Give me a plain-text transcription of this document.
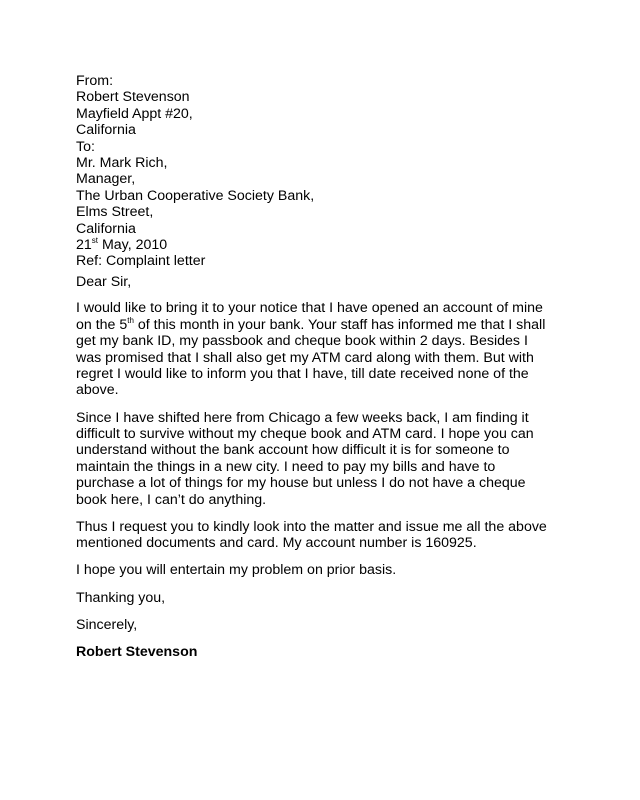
From:
Robert Stevenson
Mayfield Appt #20,
California
To:
Mr. Mark Rich,
Manager,
The Urban Cooperative Society Bank,
Elms Street,
California
21st May, 2010
Ref: Complaint letter
Dear Sir,
I would like to bring it to your notice that I have opened an account of mine
on the 5th of this month in your bank. Your staff has informed me that I shall
get my bank ID, my passbook and cheque book within 2 days. Besides I
was promised that I shall also get my ATM card along with them. But with
regret I would like to inform you that I have, till date received none of the
above.
Since I have shifted here from Chicago a few weeks back, I am finding it
difficult to survive without my cheque book and ATM card. I hope you can
understand without the bank account how difficult it is for someone to
maintain the things in a new city. I need to pay my bills and have to
purchase a lot of things for my house but unless I do not have a cheque
book here, I can’t do anything.
Thus I request you to kindly look into the matter and issue me all the above
mentioned documents and card. My account number is 160925.
I hope you will entertain my problem on prior basis.
Thanking you,
Sincerely,
Robert Stevenson
